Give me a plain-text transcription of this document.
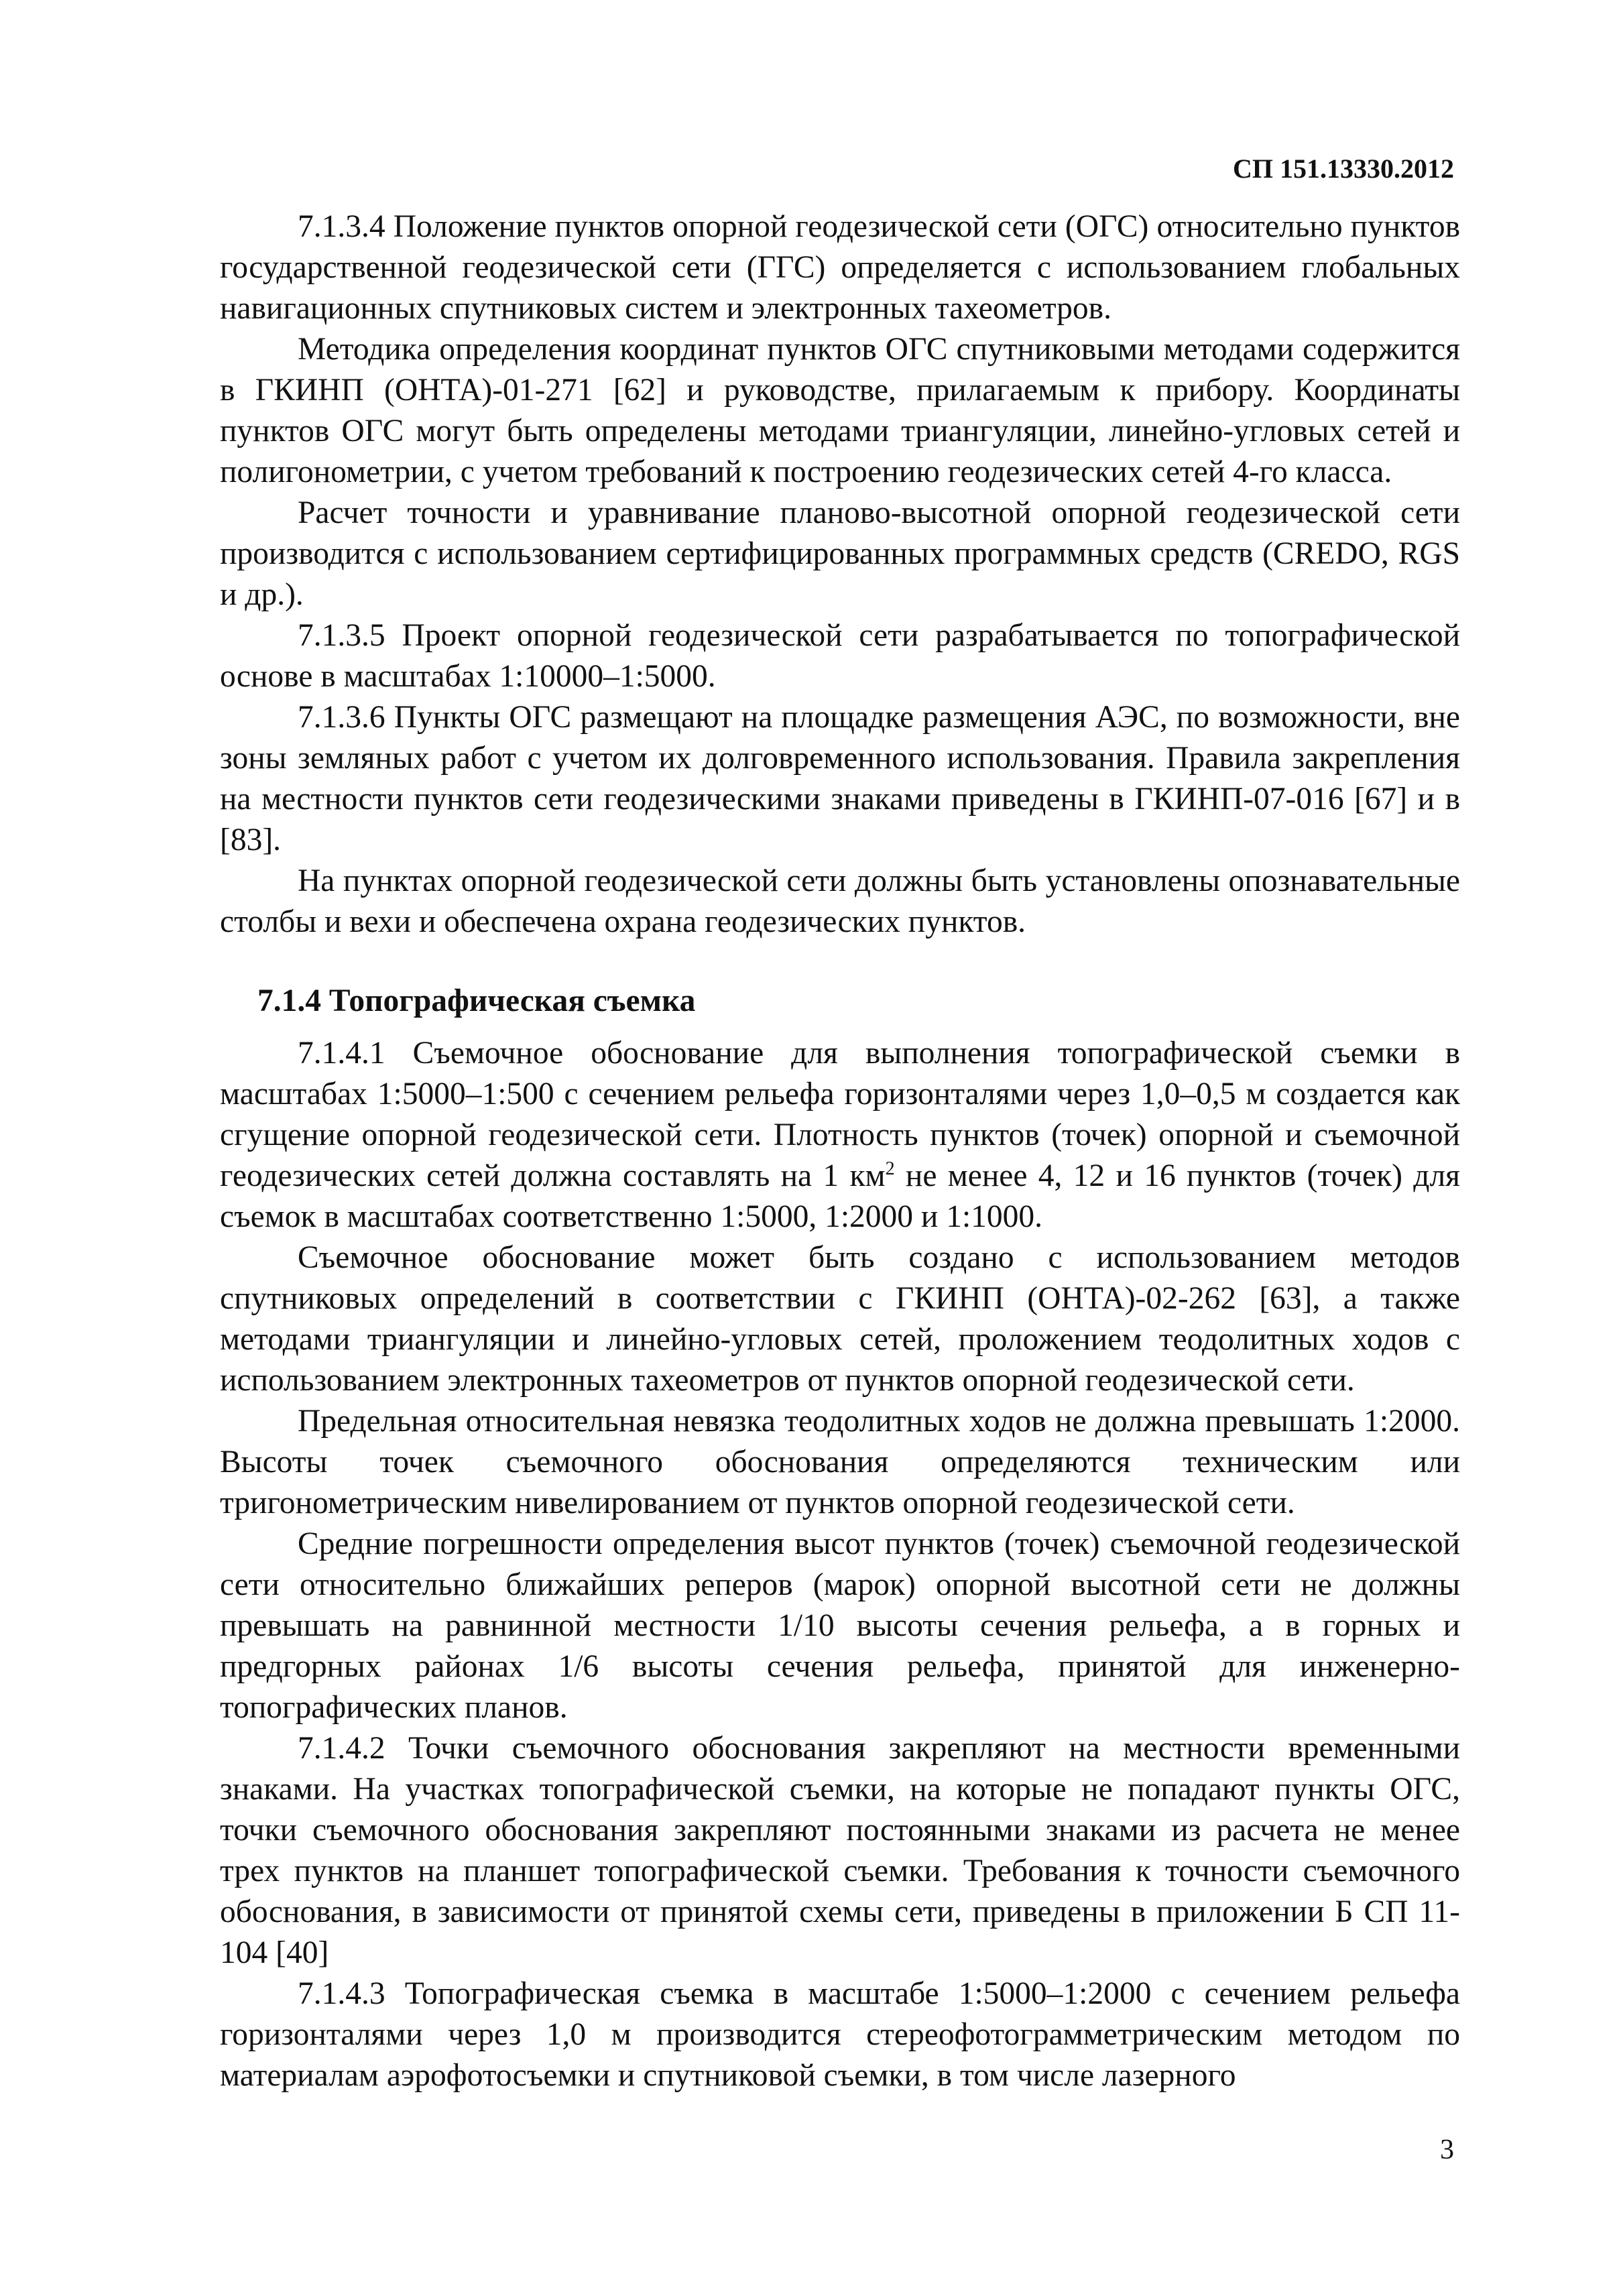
СП 151.13330.2012

7.1.3.4 Положение пунктов опорной геодезической сети (ОГС) относительно пунктов государственной геодезической сети (ГГС) определяется с использованием глобальных навигационных спутниковых систем и электронных тахеометров.

Методика определения координат пунктов ОГС спутниковыми методами содержится в ГКИНП (ОНТА)-01-271 [62] и руководстве, прилагаемым к прибору. Координаты пунктов ОГС могут быть определены методами триангуляции, линейно-угловых сетей и полигонометрии, с учетом требований к построению геодезических сетей 4-го класса.

Расчет точности и уравнивание планово-высотной опорной геодезической сети производится с использованием сертифицированных программных средств (CREDO, RGS и др.).

7.1.3.5 Проект опорной геодезической сети разрабатывается по топографической основе в масштабах 1:10000–1:5000.

7.1.3.6 Пункты ОГС размещают на площадке размещения АЭС, по возможности, вне зоны земляных работ с учетом их долговременного использования. Правила закрепления на местности пунктов сети геодезическими знаками приведены в ГКИНП-07-016 [67] и в [83].

На пунктах опорной геодезической сети должны быть установлены опознавательные столбы и вехи и обеспечена охрана геодезических пунктов.

7.1.4 Топографическая съемка

7.1.4.1 Съемочное обоснование для выполнения топографической съемки в масштабах 1:5000–1:500 с сечением рельефа горизонталями через 1,0–0,5 м создается как сгущение опорной геодезической сети. Плотность пунктов (точек) опорной и съемочной геодезических сетей должна составлять на 1 $км^2$ не менее 4, 12 и 16 пунктов (точек) для съемок в масштабах соответственно 1:5000, 1:2000 и 1:1000.

Съемочное обоснование может быть создано с использованием методов спутниковых определений в соответствии с ГКИНП (ОНТА)-02-262 [63], а также методами триангуляции и линейно-угловых сетей, проложением теодолитных ходов с использованием электронных тахеометров от пунктов опорной геодезической сети.

Предельная относительная невязка теодолитных ходов не должна превышать 1:2000. Высоты точек съемочного обоснования определяются техническим или тригонометрическим нивелированием от пунктов опорной геодезической сети.

Средние погрешности определения высот пунктов (точек) съемочной геодезической сети относительно ближайших реперов (марок) опорной высотной сети не должны превышать на равнинной местности 1/10 высоты сечения рельефа, а в горных и предгорных районах 1/6 высоты сечения рельефа, принятой для инженерно-топографических планов.

7.1.4.2 Точки съемочного обоснования закрепляют на местности временными знаками. На участках топографической съемки, на которые не попадают пункты ОГС, точки съемочного обоснования закрепляют постоянными знаками из расчета не менее трех пунктов на планшет топографической съемки. Требования к точности съемочного обоснования, в зависимости от принятой схемы сети, приведены в приложении Б СП 11-104 [40]

7.1.4.3 Топографическая съемка в масштабе 1:5000–1:2000 с сечением рельефа горизонталями через 1,0 м производится стереофотограмметрическим методом по материалам аэрофотосъемки и спутниковой съемки, в том числе лазерного

3
